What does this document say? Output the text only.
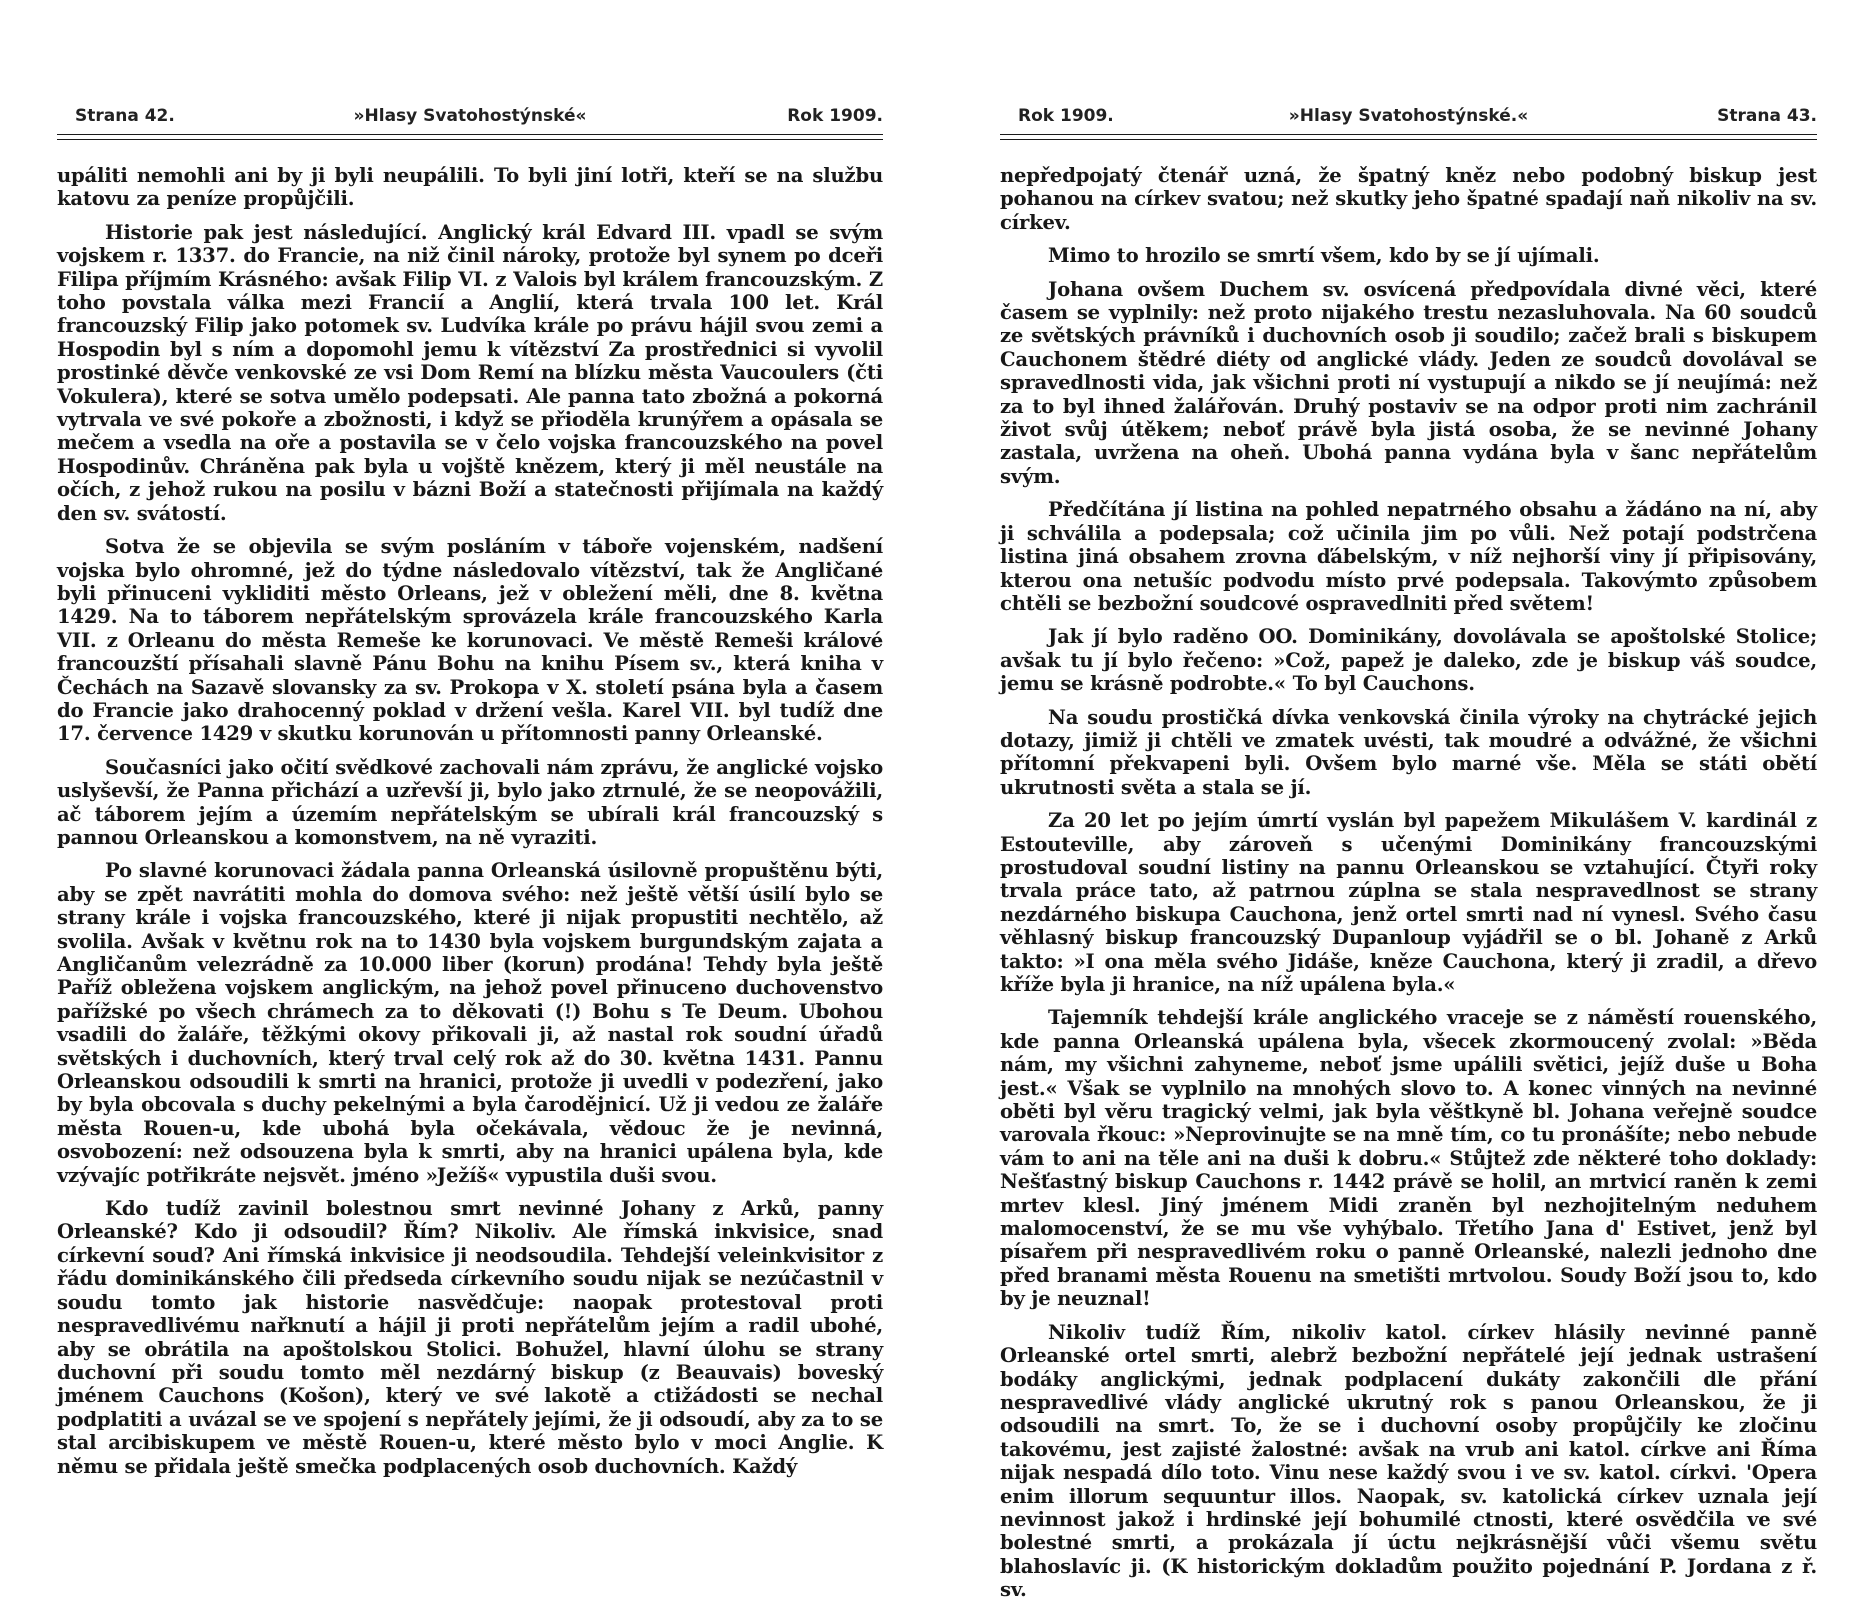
Strana 42.	»Hlasy Svatohostýnské«	Rok 1909.

upáliti nemohli ani by ji byli neupálili. To byli jiní lotři, kteří se na službu katovu za peníze propůjčili.

Historie pak jest následující. Anglický král Edvard III. vpadl se svým vojskem r. 1337. do Francie, na niž činil nároky, protože byl synem po dceři Filipa příjmím Krásného: avšak Filip VI. z Valois byl králem francouzským. Z toho povstala válka mezi Francií a Anglií, která trvala 100 let. Král francouzský Filip jako potomek sv. Ludvíka krále po právu hájil svou zemi a Hospodin byl s ním a dopomohl jemu k vítězství Za prostřednici si vyvolil prostinké děvče venkovské ze vsi Dom Remí na blízku města Vaucoulers (čti Vokulera), které se sotva umělo podepsati. Ale panna tato zbožná a pokorná vytrvala ve své pokoře a zbožnosti, i když se přioděla krunýřem a opásala se mečem a vsedla na oře a postavila se v čelo vojska francouzského na povel Hospodinův. Chráněna pak byla u vojště knězem, který ji měl neustále na očích, z jehož rukou na posilu v bázni Boží a statečnosti přijímala na každý den sv. svátostí.

Sotva že se objevila se svým posláním v táboře vojenském, nadšení vojska bylo ohromné, jež do týdne následovalo vítězství, tak že Angličané byli přinuceni vykliditi město Orleans, jež v obležení měli, dne 8. května 1429. Na to táborem nepřátelským sprovázela krále francouzského Karla VII. z Orleanu do města Remeše ke korunovaci. Ve městě Remeši králové francouzští přísahali slavně Pánu Bohu na knihu Písem sv., která kniha v Čechách na Sazavě slovansky za sv. Prokopa v X. století psána byla a časem do Francie jako drahocenný poklad v držení vešla. Karel VII. byl tudíž dne 17. července 1429 v skutku korunován u přítomnosti panny Orleanské.

Současníci jako očití svědkové zachovali nám zprávu, že anglické vojsko uslyševší, že Panna přichází a uzřevší ji, bylo jako ztrnulé, že se neopovážili, ač táborem jejím a územím nepřátelským se ubírali král francouzský s pannou Orleanskou a komonstvem, na ně vyraziti.

Po slavné korunovaci žádala panna Orleanská úsilovně propuštěnu býti, aby se zpět navrátiti mohla do domova svého: než ještě větší úsilí bylo se strany krále i vojska francouzského, které ji nijak propustiti nechtělo, až svolila. Avšak v květnu rok na to 1430 byla vojskem burgundským zajata a Angličanům velezrádně za 10.000 liber (korun) prodána! Tehdy byla ještě Paříž obležena vojskem anglickým, na jehož povel přinuceno duchovenstvo pařížské po všech chrámech za to děkovati (!) Bohu s Te Deum. Ubohou vsadili do žaláře, těžkými okovy přikovali ji, až nastal rok soudní úřadů světských i duchovních, který trval celý rok až do 30. května 1431. Pannu Orleanskou odsoudili k smrti na hranici, protože ji uvedli v podezření, jako by byla obcovala s duchy pekelnými a byla čarodějnicí. Už ji vedou ze žaláře města Rouen-u, kde ubohá byla očekávala, vědouc že je nevinná, osvobození: než odsouzena byla k smrti, aby na hranici upálena byla, kde vzývajíc potřikráte nejsvět. jméno »Ježíš« vypustila duši svou.

Kdo tudíž zavinil bolestnou smrt nevinné Johany z Arků, panny Orleanské? Kdo ji odsoudil? Řím? Nikoliv. Ale římská inkvisice, snad církevní soud? Ani římská inkvisice ji neodsoudila. Tehdejší veleinkvisitor z řádu dominikánského čili předseda církevního soudu nijak se nezúčastnil v soudu tomto jak historie nasvědčuje: naopak protestoval proti nespravedlivému nařknutí a hájil ji proti nepřátelům jejím a radil ubohé, aby se obrátila na apoštolskou Stolici. Bohužel, hlavní úlohu se strany duchovní při soudu tomto měl nezdárný biskup (z Beauvais) boveský jménem Cauchons (Košon), který ve své lakotě a ctižádosti se nechal podplatiti a uvázal se ve spojení s nepřátely jejími, že ji odsoudí, aby za to se stal arcibiskupem ve městě Rouen-u, které město bylo v moci Anglie. K němu se přidala ještě smečka podplacených osob duchovních. Každý

Rok 1909.	»Hlasy Svatohostýnské.«	Strana 43.

nepředpojatý čtenář uzná, že špatný kněz nebo podobný biskup jest pohanou na církev svatou; než skutky jeho špatné spadají naň nikoliv na sv. církev.

Mimo to hrozilo se smrtí všem, kdo by se jí ujímali.

Johana ovšem Duchem sv. osvícená předpovídala divné věci, které časem se vyplnily: než proto nijakého trestu nezasluhovala. Na 60 soudců ze světských právníků i duchovních osob ji soudilo; začež brali s biskupem Cauchonem štědré diéty od anglické vlády. Jeden ze soudců dovolával se spravedlnosti vida, jak všichni proti ní vystupují a nikdo se jí neujímá: než za to byl ihned žalářován. Druhý postaviv se na odpor proti nim zachránil život svůj útěkem; neboť právě byla jistá osoba, že se nevinné Johany zastala, uvržena na oheň. Ubohá panna vydána byla v šanc nepřátelům svým.

Předčítána jí listina na pohled nepatrného obsahu a žádáno na ní, aby ji schválila a podepsala; což učinila jim po vůli. Než potají podstrčena listina jiná obsahem zrovna ďábelským, v níž nejhorší viny jí připisovány, kterou ona netušíc podvodu místo prvé podepsala. Takovýmto způsobem chtěli se bezbožní soudcové ospravedlniti před světem!

Jak jí bylo raděno OO. Dominikány, dovolávala se apoštolské Stolice; avšak tu jí bylo řečeno: »Což, papež je daleko, zde je biskup váš soudce, jemu se krásně podrobte.« To byl Cauchons.

Na soudu prostičká dívka venkovská činila výroky na chytrácké jejich dotazy, jimiž ji chtěli ve zmatek uvésti, tak moudré a odvážné, že všichni přítomní překvapeni byli. Ovšem bylo marné vše. Měla se státi obětí ukrutnosti světa a stala se jí.

Za 20 let po jejím úmrtí vyslán byl papežem Mikulášem V. kardinál z Estouteville, aby zároveň s učenými Dominikány francouzskými prostudoval soudní listiny na pannu Orleanskou se vztahující. Čtyři roky trvala práce tato, až patrnou zúplna se stala nespravedlnost se strany nezdárného biskupa Cauchona, jenž ortel smrti nad ní vynesl. Svého času věhlasný biskup francouzský Dupanloup vyjádřil se o bl. Johaně z Arků takto: »I ona měla svého Jidáše, kněze Cauchona, který ji zradil, a dřevo kříže byla ji hranice, na níž upálena byla.«

Tajemník tehdejší krále anglického vraceje se z náměstí rouenského, kde panna Orleanská upálena byla, všecek zkormoucený zvolal: »Běda nám, my všichni zahyneme, neboť jsme upálili světici, jejíž duše u Boha jest.« Však se vyplnilo na mnohých slovo to. A konec vinných na nevinné oběti byl věru tragický velmi, jak byla věštkyně bl. Johana veřejně soudce varovala řkouc: »Neprovinujte se na mně tím, co tu pronášíte; nebo nebude vám to ani na těle ani na duši k dobru.« Stůjtež zde některé toho doklady: Nešťastný biskup Cauchons r. 1442 právě se holil, an mrtvicí raněn k zemi mrtev klesl. Jiný jménem Midi zraněn byl nezhojitelným neduhem malomocenství, že se mu vše vyhýbalo. Třetího Jana d' Estivet, jenž byl písařem při nespravedlivém roku o panně Orleanské, nalezli jednoho dne před branami města Rouenu na smetišti mrtvolou. Soudy Boží jsou to, kdo by je neuznal!

Nikoliv tudíž Řím, nikoliv katol. církev hlásily nevinné panně Orleanské ortel smrti, alebrž bezbožní nepřátelé její jednak ustrašení bodáky anglickými, jednak podplacení dukáty zakončili dle přání nespravedlivé vlády anglické ukrutný rok s panou Orleanskou, že ji odsoudili na smrt. To, že se i duchovní osoby propůjčily ke zločinu takovému, jest zajisté žalostné: avšak na vrub ani katol. církve ani Říma nijak nespadá dílo toto. Vinu nese každý svou i ve sv. katol. církvi. 'Opera enim illorum sequuntur illos. Naopak, sv. katolická církev uznala její nevinnost jakož i hrdinské její bohumilé ctnosti, které osvědčila ve své bolestné smrti, a prokázala jí úctu nejkrásnější vůči všemu světu blahoslavíc ji. (K historickým dokladům použito pojednání P. Jordana z ř. sv.
